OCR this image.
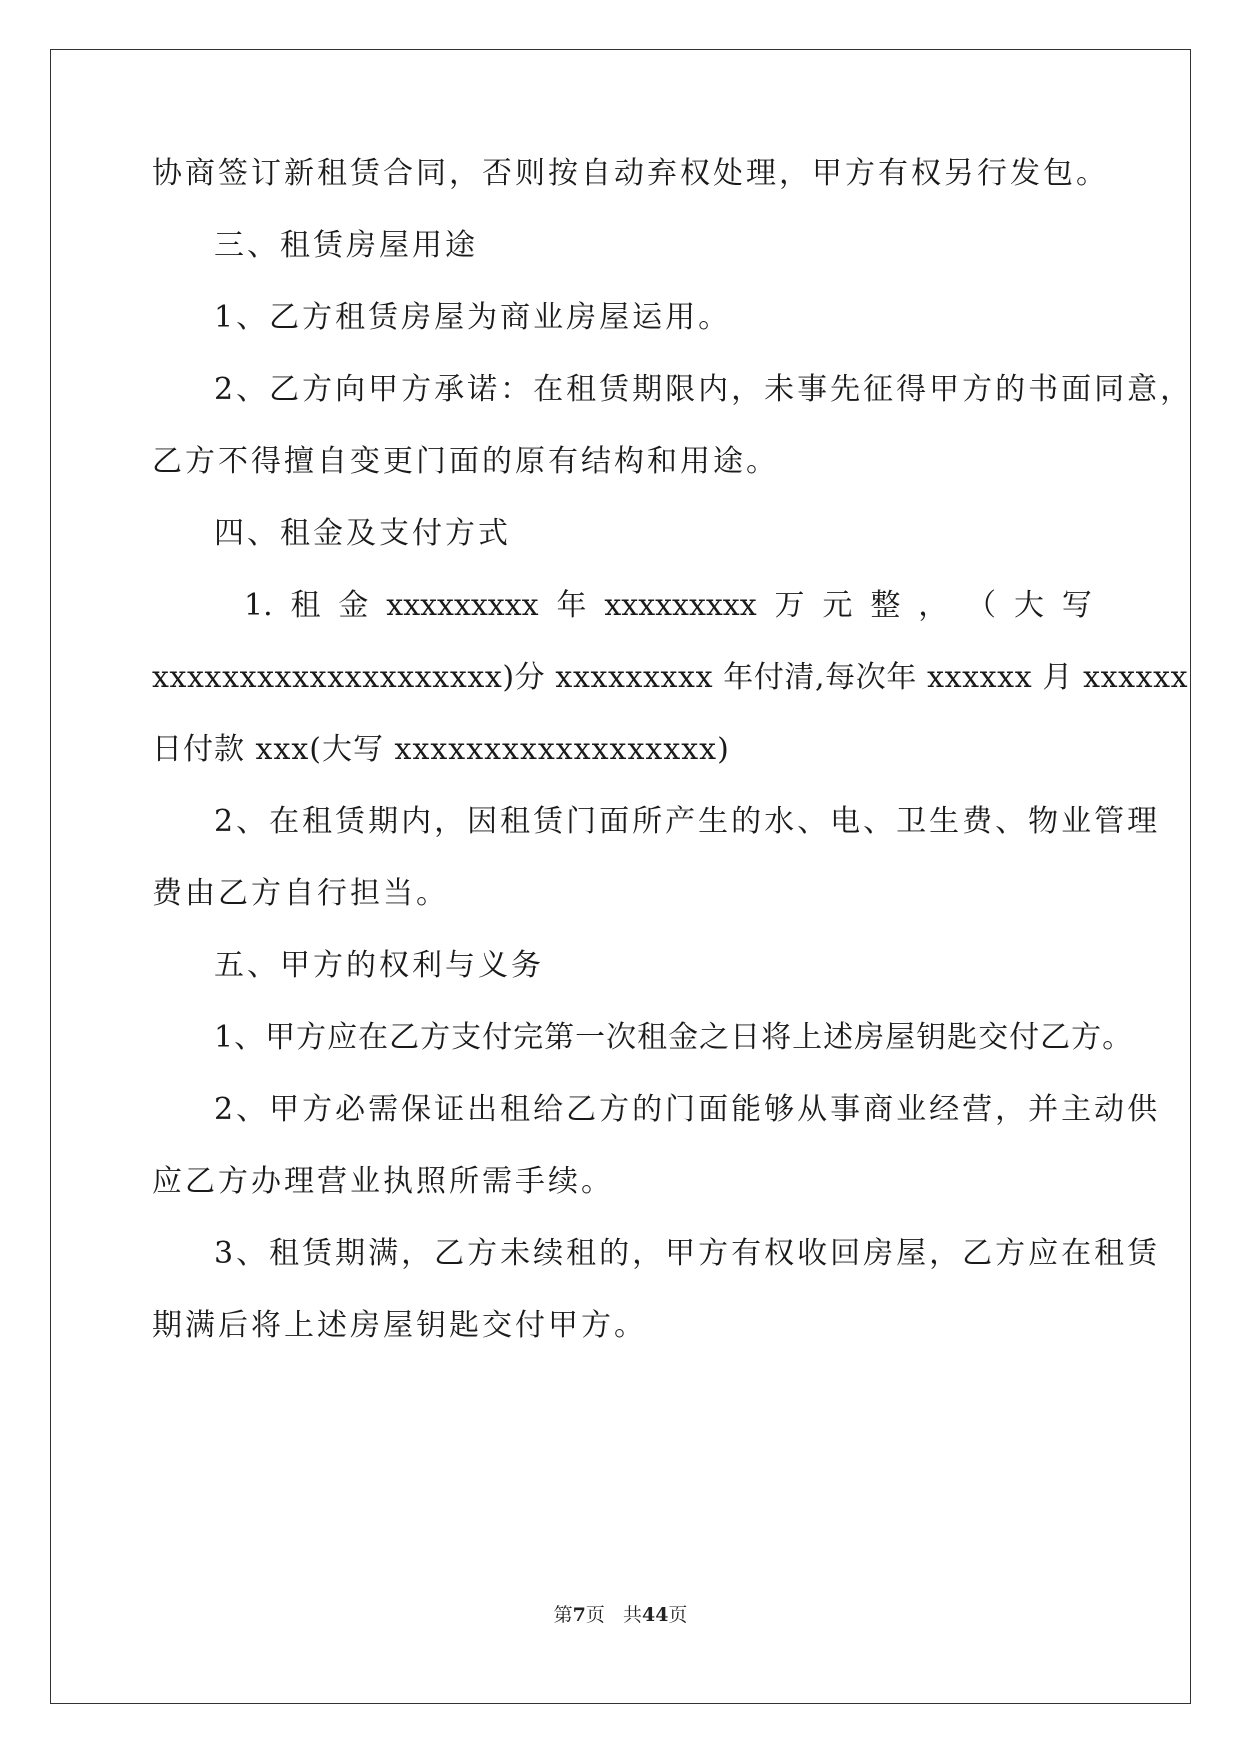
协商签订新租赁合同，否则按自动弃权处理，甲方有权另行发包。
三、租赁房屋用途
1、乙方租赁房屋为商业房屋运用。
2、乙方向甲方承诺：在租赁期限内，未事先征得甲方的书面同意，
乙方不得擅自变更门面的原有结构和用途。
四、租金及支付方式
1. 租 金 xxxxxxxxx 年 xxxxxxxxx 万 元 整 ， （ 大 写
xxxxxxxxxxxxxxxxxxxx)分 xxxxxxxxx 年付清,每次年 xxxxxx 月 xxxxxx
日付款 xxx(大写 xxxxxxxxxxxxxxxxxx)
2、在租赁期内，因租赁门面所产生的水、电、卫生费、物业管理
费由乙方自行担当。
五、甲方的权利与义务
1、甲方应在乙方支付完第一次租金之日将上述房屋钥匙交付乙方。
2、甲方必需保证出租给乙方的门面能够从事商业经营，并主动供
应乙方办理营业执照所需手续。
3、租赁期满，乙方未续租的，甲方有权收回房屋，乙方应在租赁
期满后将上述房屋钥匙交付甲方。
第7页 共44页
